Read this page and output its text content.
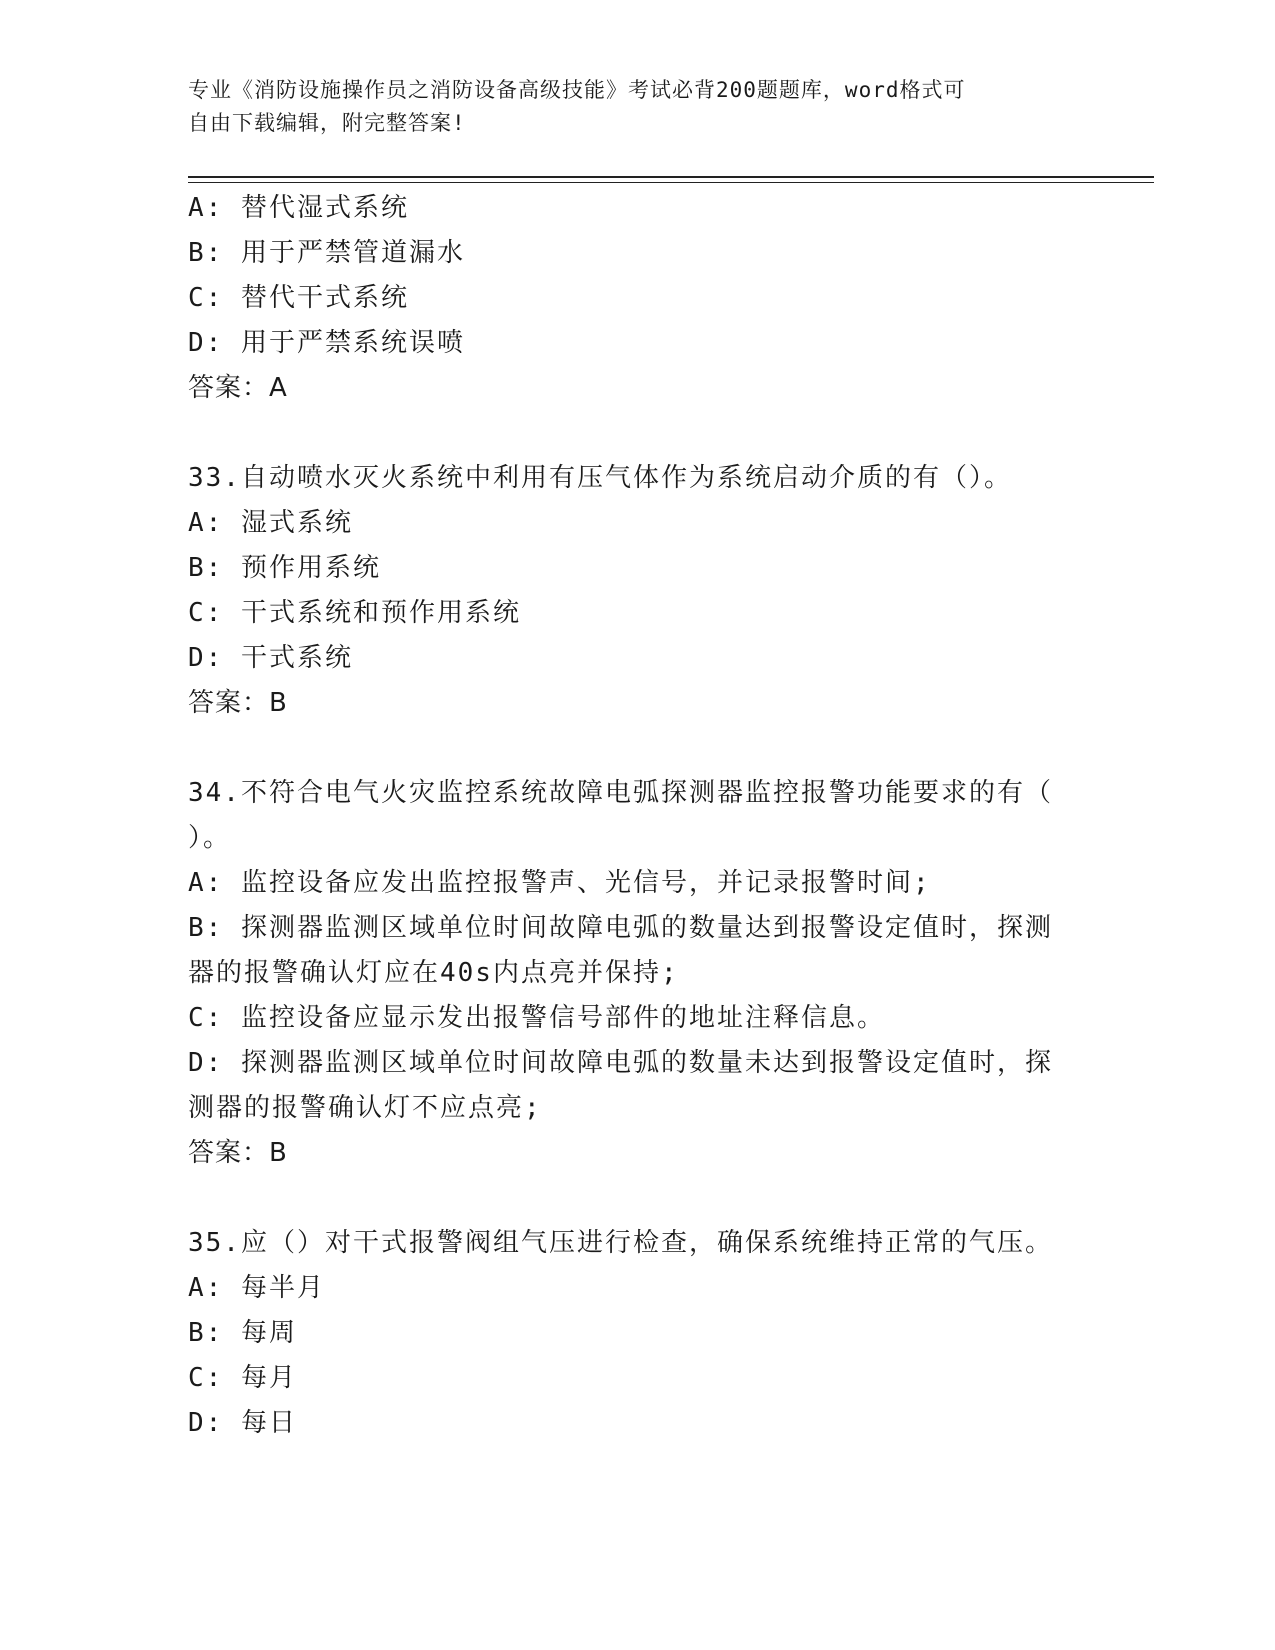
专业《消防设施操作员之消防设备高级技能》考试必背200题题库，word格式可
自由下载编辑，附完整答案!
A: 替代湿式系统
B: 用于严禁管道漏水
C: 替代干式系统
D: 用于严禁系统误喷
答案：A
33.自动喷水灭火系统中利用有压气体作为系统启动介质的有（）。
A: 湿式系统
B: 预作用系统
C: 干式系统和预作用系统
D: 干式系统
答案：B
34.不符合电气火灾监控系统故障电弧探测器监控报警功能要求的有（
）。
A: 监控设备应发出监控报警声、光信号，并记录报警时间;
B: 探测器监测区域单位时间故障电弧的数量达到报警设定值时，探测
器的报警确认灯应在40s内点亮并保持;
C: 监控设备应显示发出报警信号部件的地址注释信息。
D: 探测器监测区域单位时间故障电弧的数量未达到报警设定值时，探
测器的报警确认灯不应点亮;
答案：B
35.应（）对干式报警阀组气压进行检查，确保系统维持正常的气压。
A: 每半月
B: 每周
C: 每月
D: 每日
